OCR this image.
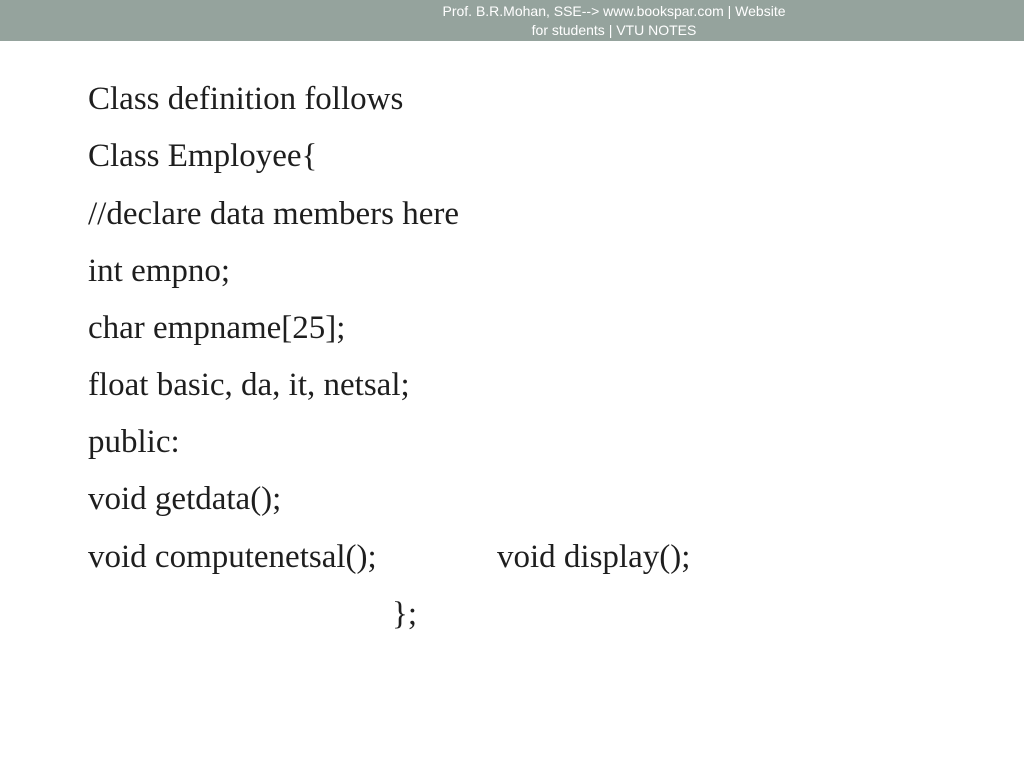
Prof. B.R.Mohan, SSE--> www.bookspar.com | Website
for students | VTU NOTES

Class definition follows

Class Employee{

//declare data members here

int empno;

char empname[25];

float basic, da, it, netsal;

public:

void getdata();

void computenetsal();	void display();

};
